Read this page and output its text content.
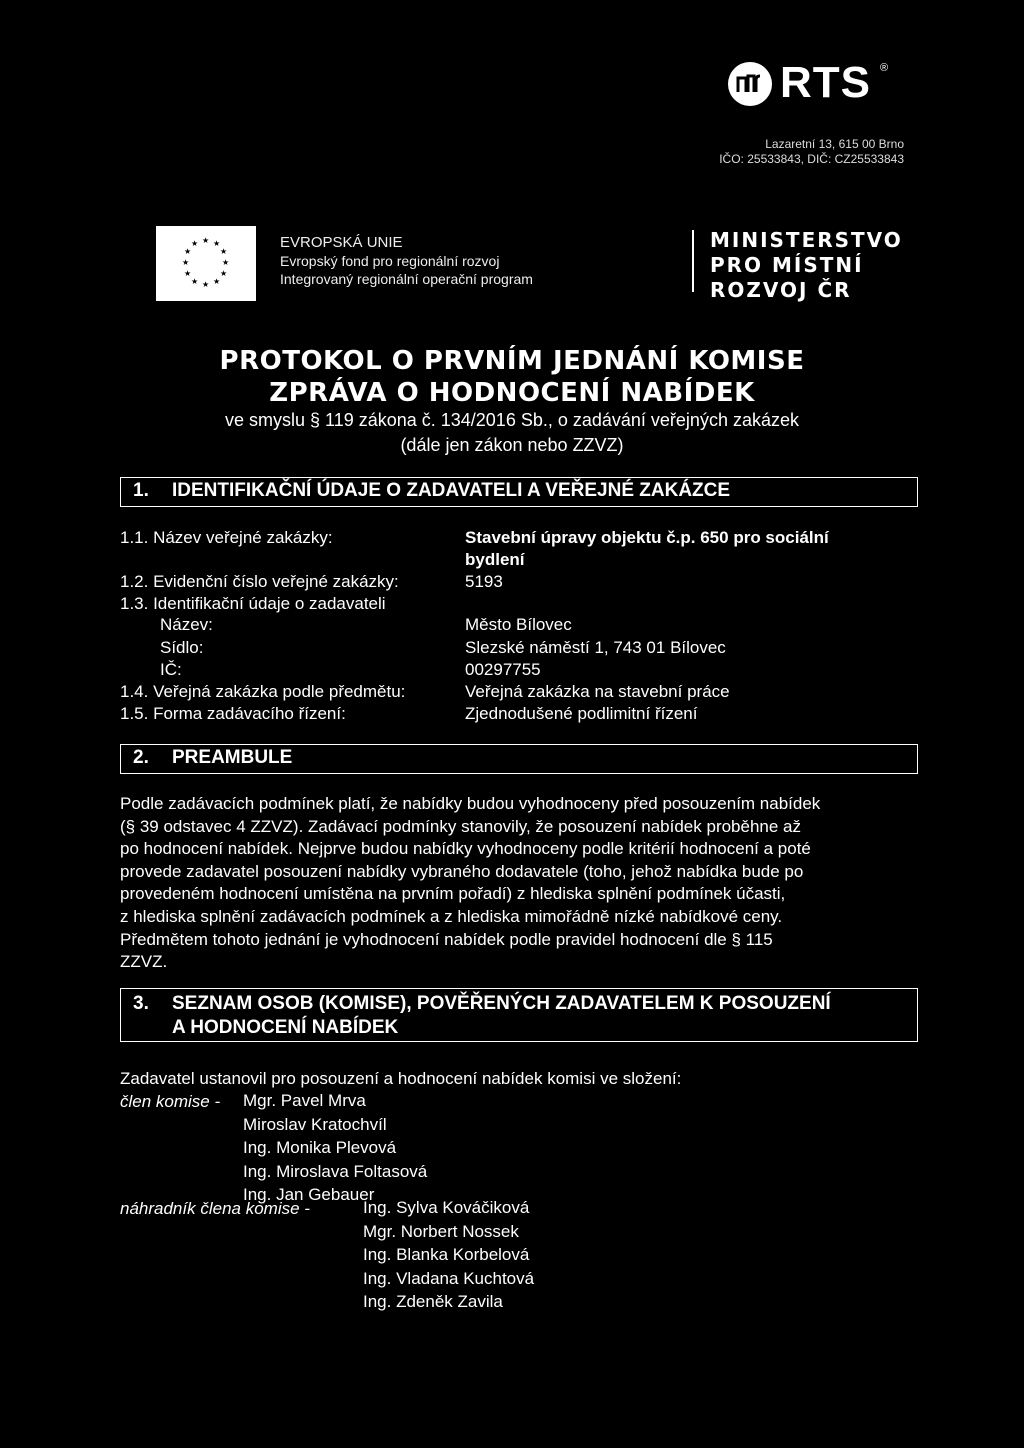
RTS ®
Lazaretní 13, 615 00 Brno
IČO: 25533843, DIČ: CZ25533843
★ ★
★
★
★
★
★
★
★
★
★
★	EVROPSKÁ UNIE
Evropský fond pro regionální rozvoj
Integrovaný regionální operační program
MINISTERSTVO
PRO MÍSTNÍ
ROZVOJ ČR
PROTOKOL O PRVNÍM JEDNÁNÍ KOMISE
ZPRÁVA O HODNOCENÍ NABÍDEK
ve smyslu § 119 zákona č. 134/2016 Sb., o zadávání veřejných zakázek
(dále jen zákon nebo ZZVZ)
1. IDENTIFIKAČNÍ ÚDAJE O ZADAVATELI A VEŘEJNÉ ZAKÁZCE
1.1. Název veřejné zakázky:	Stavební úpravy objektu č.p. 650 pro sociální
bydlení
1.2. Evidenční číslo veřejné zakázky:	5193
1.3. Identifikační údaje o zadavateli
Název:	Město Bílovec
Sídlo:	Slezské náměstí 1, 743 01 Bílovec
IČ:	00297755
1.4. Veřejná zakázka podle předmětu:	Veřejná zakázka na stavební práce
1.5. Forma zadávacího řízení:	Zjednodušené podlimitní řízení
2. PREAMBULE
Podle zadávacích podmínek platí, že nabídky budou vyhodnoceny před posouzením nabídek
(§ 39 odstavec 4 ZZVZ). Zadávací podmínky stanovily, že posouzení nabídek proběhne až
po hodnocení nabídek. Nejprve budou nabídky vyhodnoceny podle kritérií hodnocení a poté
provede zadavatel posouzení nabídky vybraného dodavatele (toho, jehož nabídka bude po
provedeném hodnocení umístěna na prvním pořadí) z hlediska splnění podmínek účasti,
z hlediska splnění zadávacích podmínek a z hlediska mimořádně nízké nabídkové ceny.
Předmětem tohoto jednání je vyhodnocení nabídek podle pravidel hodnocení dle § 115
ZZVZ.
3. SEZNAM OSOB (KOMISE), POVĚŘENÝCH ZADAVATELEM K POSOUZENÍ
A HODNOCENÍ NABÍDEK
Zadavatel ustanovil pro posouzení a hodnocení nabídek komisi ve složení:
člen komise - Mgr. Pavel Mrva
Miroslav Kratochvíl
Ing. Monika Plevová
Ing. Miroslava Foltasová
Ing. Jan Gebauer
náhradník člena komise -	Ing. Sylva Kováčiková
Mgr. Norbert Nossek
Ing. Blanka Korbelová
Ing. Vladana Kuchtová
Ing. Zdeněk Zavila
